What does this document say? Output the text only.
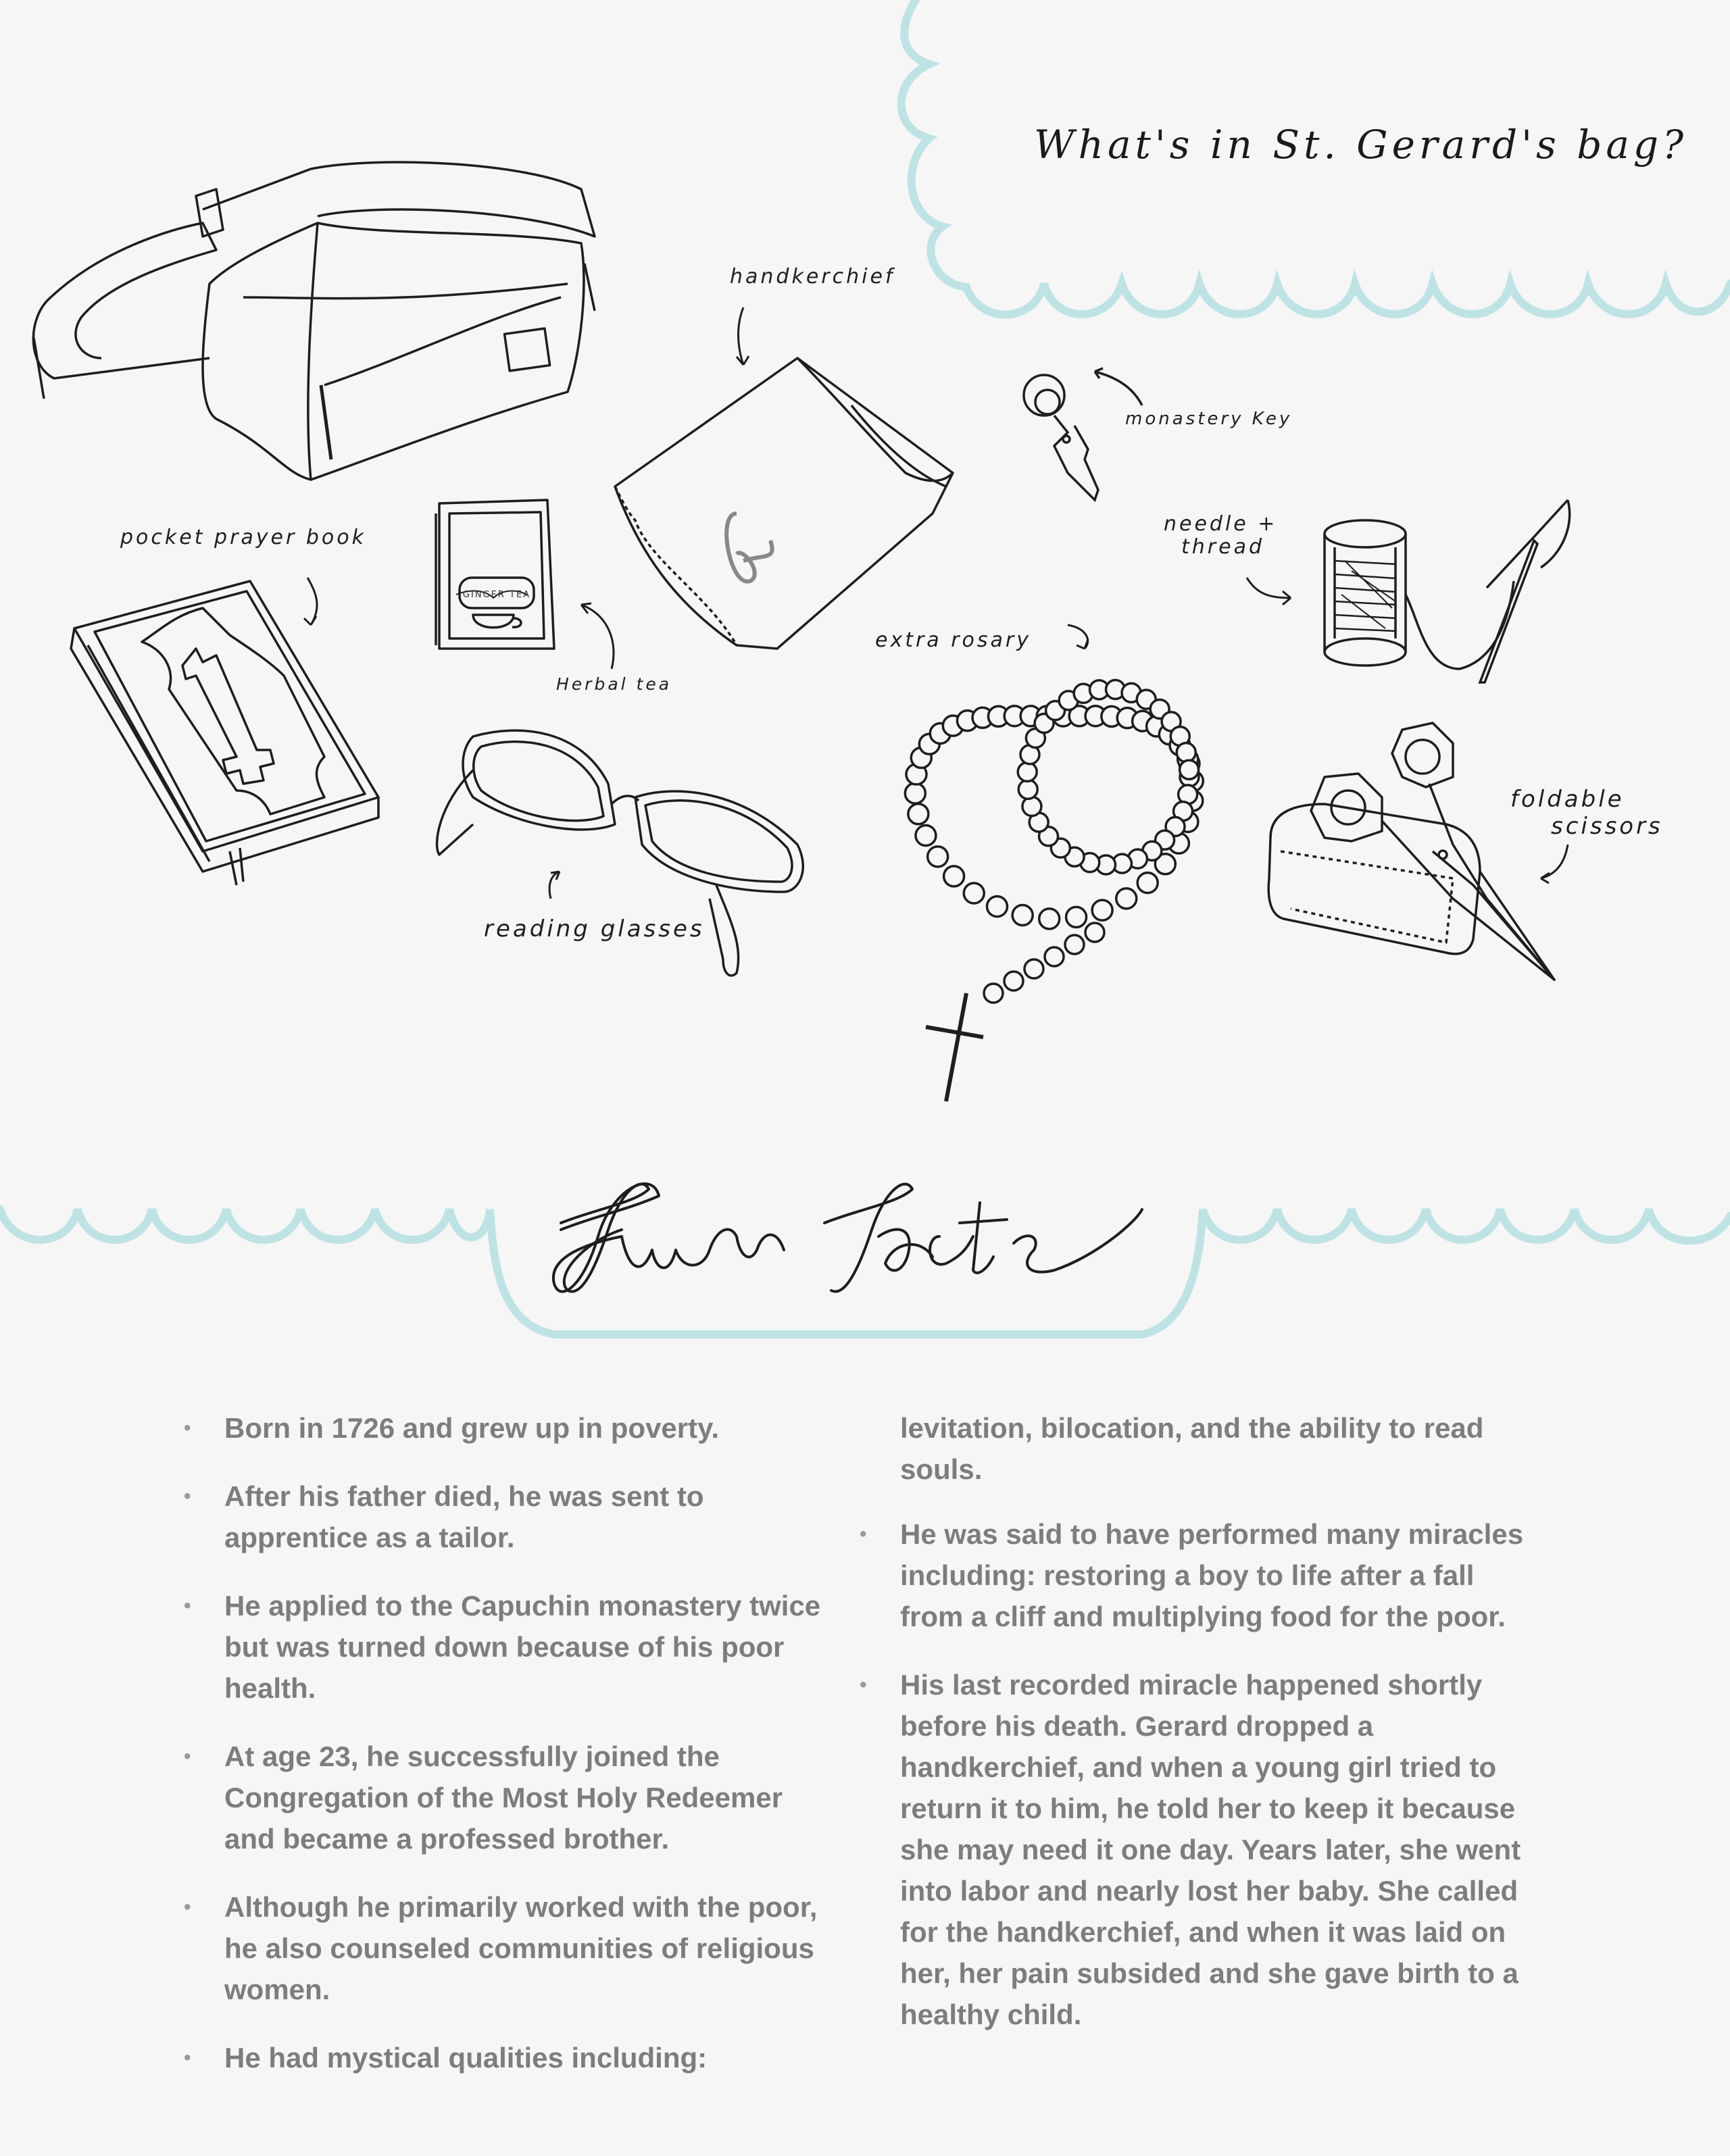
GINGER TEA
What's in St. Gerard's bag?
handkerchief
monastery Key
pocket prayer book
Herbal tea
needle +
thread
extra rosary
foldable
scissors
reading glasses
• Born in 1726 and grew up in poverty.
• After his father died, he was sent to apprentice as a tailor.
• He applied to the Capuchin monastery twice but was turned down because of his poor health.
• At age 23, he successfully joined the Congregation of the Most Holy Redeemer and became a professed brother.
• Although he primarily worked with the poor, he also counseled communities of religious women.
• He had mystical qualities including:
levitation, bilocation, and the ability to read souls.
• He was said to have performed many miracles including: restoring a boy to life after a fall from a cliff and multiplying food for the poor.
• His last recorded miracle happened shortly before his death. Gerard dropped a handkerchief, and when a young girl tried to return it to him, he told her to keep it because she may need it one day. Years later, she went into labor and nearly lost her baby. She called for the handkerchief, and when it was laid on her, her pain subsided and she gave birth to a healthy child.
